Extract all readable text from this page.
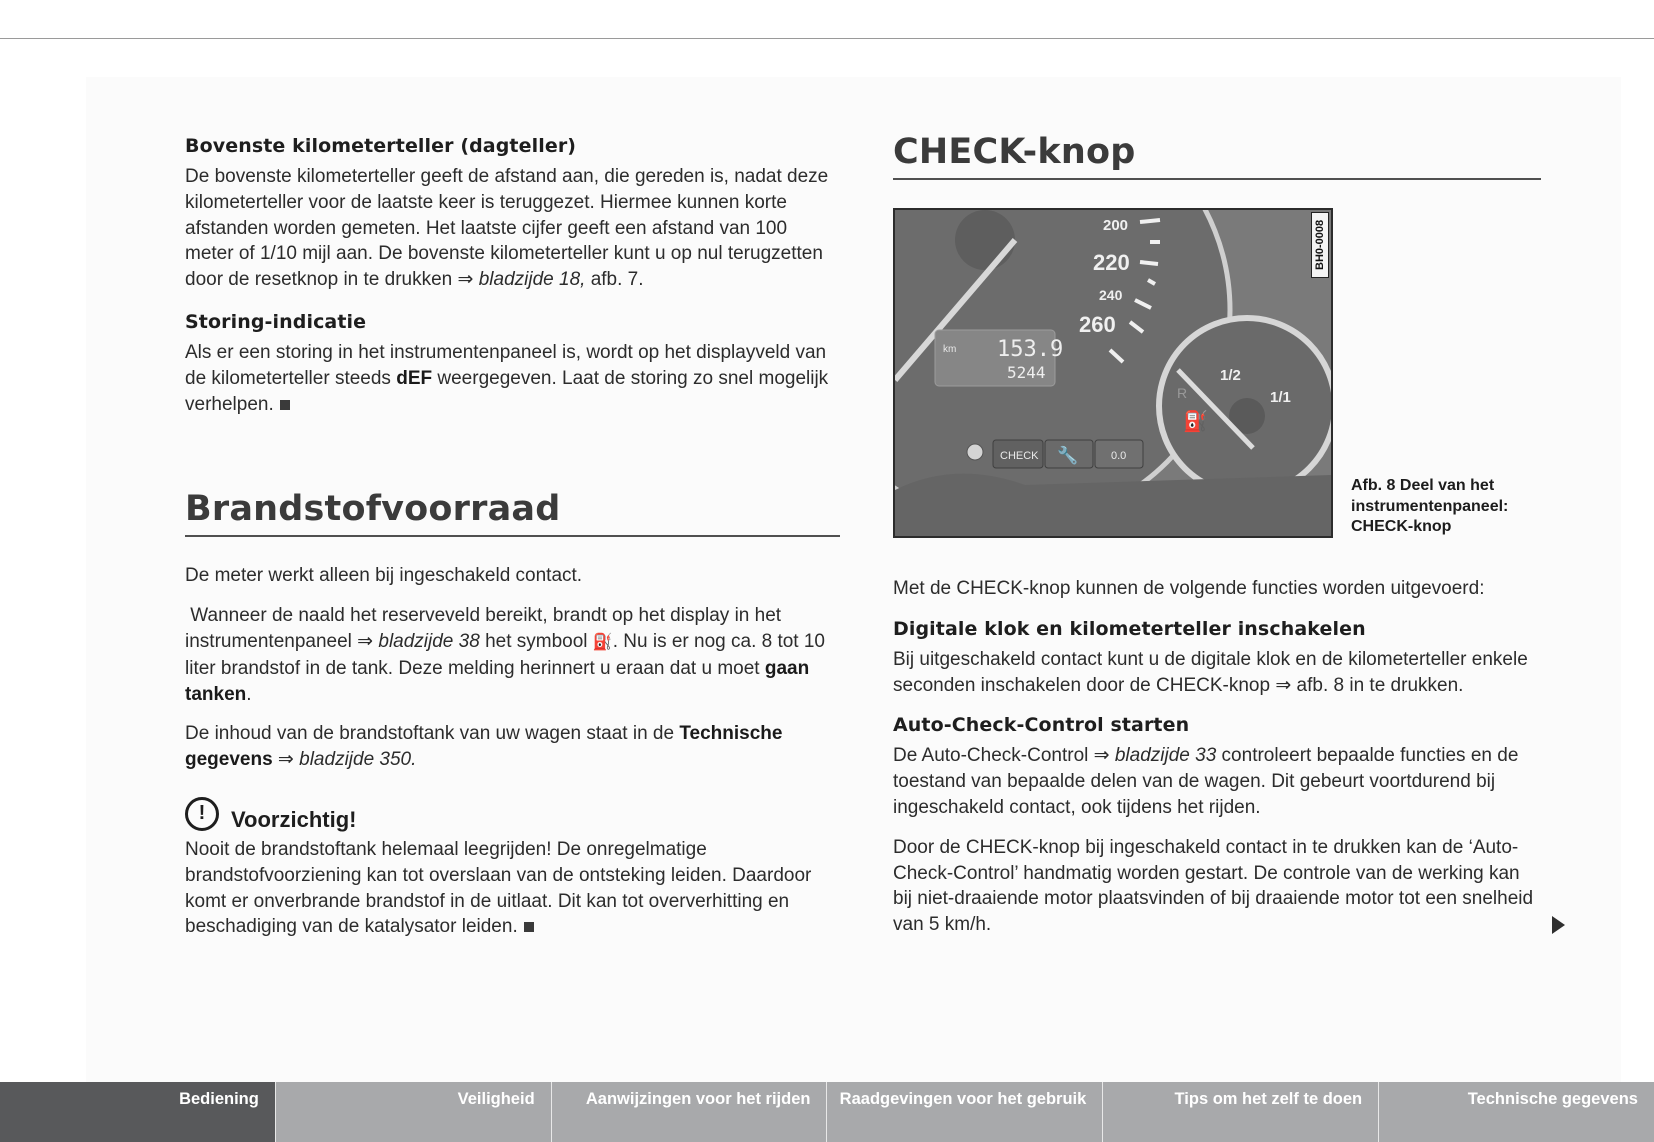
Bovenste kilometerteller (dagteller)

De bovenste kilometerteller geeft de afstand aan, die gereden is, nadat deze kilometerteller voor de laatste keer is teruggezet. Hiermee kunnen korte afstanden worden gemeten. Het laatste cijfer geeft een afstand van 100 meter of 1/10 mijl aan. De bovenste kilometerteller kunt u op nul terugzetten door de resetknop in te drukken ⇒ bladzijde 18, afb. 7.

Storing-indicatie

Als er een storing in het instrumentenpaneel is, wordt op het displayveld van de kilometerteller steeds dEF weergegeven. Laat de storing zo snel mogelijk verhelpen.

Brandstofvoorraad

De meter werkt alleen bij ingeschakeld contact.

Wanneer de naald het reserveveld bereikt, brandt op het display in het instrumentenpaneel ⇒ bladzijde 38 het symbool ⛽. Nu is er nog ca. 8 tot 10 liter brandstof in de tank. Deze melding herinnert u eraan dat u moet gaan tanken.

De inhoud van de brandstoftank van uw wagen staat in de Technische gegevens ⇒ bladzijde 350.

!	Voorzichtig!

Nooit de brandstoftank helemaal leegrijden! De onregelmatige brandstofvoorziening kan tot overslaan van de ontsteking leiden. Daardoor komt er onverbrande brandstof in de uitlaat. Dit kan tot oververhitting en beschadiging van de katalysator leiden.

CHECK-knop
200
220
240
260
km 153.9
5244	1/2
1/1
R
⛽
CHECK 🔧	0.0
BH0-0008
Afb. 8 Deel van het instrumentenpaneel: CHECK-knop

Met de CHECK-knop kunnen de volgende functies worden uitgevoerd:

Digitale klok en kilometerteller inschakelen

Bij uitgeschakeld contact kunt u de digitale klok en de kilometerteller enkele seconden inschakelen door de CHECK-knop ⇒ afb. 8 in te drukken.

Auto-Check-Control starten

De Auto-Check-Control ⇒ bladzijde 33 controleert bepaalde functies en de toestand van bepaalde delen van de wagen. Dit gebeurt voortdurend bij ingeschakeld contact, ook tijdens het rijden.

Door de CHECK-knop bij ingeschakeld contact in te drukken kan de ‘Auto-Check-Control’ handmatig worden gestart. De controle van de werking kan bij niet-draaiende motor plaatsvinden of bij draaiende motor tot een snelheid van 5 km/h.

Bediening	Veiligheid	Aanwijzingen voor het rijden	Raadgevingen voor het gebruik	Tips om het zelf te doen	Technische gegevens
